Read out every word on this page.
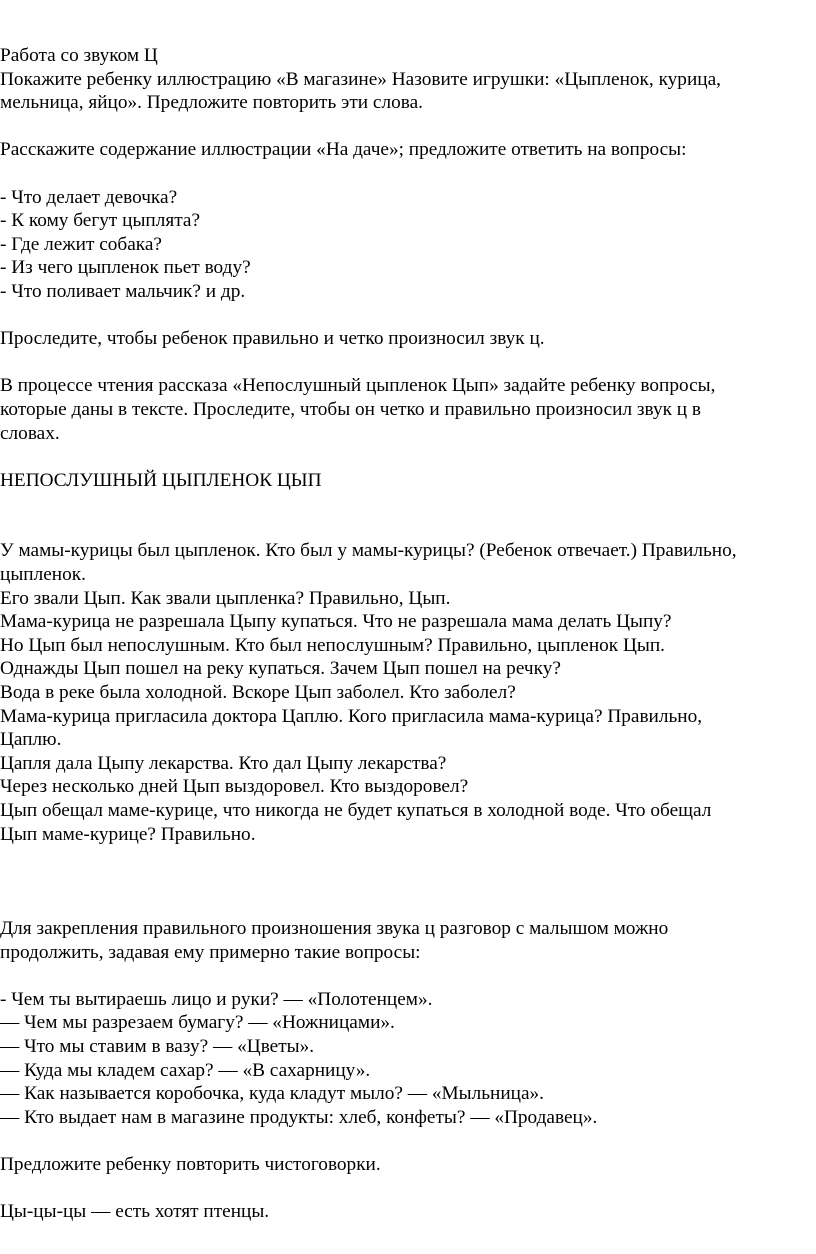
Работа со звуком Ц
Покажите ребенку иллюстрацию «В магазине» Назовите игрушки: «Цыпленок, курица,
мельница, яйцо». Предложите повторить эти слова.
Расскажите содержание иллюстрации «На даче»; предложите ответить на вопросы:
- Что делает девочка?
- К кому бегут цыплята?
- Где лежит собака?
- Из чего цыпленок пьет воду?
- Что поливает мальчик? и др.
Проследите, чтобы ребенок правильно и четко произносил звук ц.
В процессе чтения рассказа «Непослушный цыпленок Цып» задайте ребенку вопросы,
которые даны в тексте. Проследите, чтобы он четко и правильно произносил звук ц в
словах.
НЕПОСЛУШНЫЙ ЦЫПЛЕНОК ЦЫП
У мамы-курицы был цыпленок. Кто был у мамы-курицы? (Ребенок отвечает.) Правильно,
цыпленок.
Его звали Цып. Как звали цыпленка? Правильно, Цып.
Мама-курица не разрешала Цыпу купаться. Что не разрешала мама делать Цыпу?
Но Цып был непослушным. Кто был непослушным? Правильно, цыпленок Цып.
Однажды Цып пошел на реку купаться. Зачем Цып пошел на речку?
Вода в реке была холодной. Вскоре Цып заболел. Кто заболел?
Мама-курица пригласила доктора Цаплю. Кого пригласила мама-курица? Правильно,
Цаплю.
Цапля дала Цыпу лекарства. Кто дал Цыпу лекарства?
Через несколько дней Цып выздоровел. Кто выздоровел?
Цып обещал маме-курице, что никогда не будет купаться в холодной воде. Что обещал
Цып маме-курице? Правильно.
Для закрепления правильного произношения звука ц разговор с малышом можно
продолжить, задавая ему примерно такие вопросы:
- Чем ты вытираешь лицо и руки? — «Полотенцем».
— Чем мы разрезаем бумагу? — «Ножницами».
— Что мы ставим в вазу? — «Цветы».
— Куда мы кладем сахар? — «В сахарницу».
— Как называется коробочка, куда кладут мыло? — «Мыльница».
— Кто выдает нам в магазине продукты: хлеб, конфеты? — «Продавец».
Предложите ребенку повторить чистоговорки.
Цы-цы-цы — есть хотят птенцы.
